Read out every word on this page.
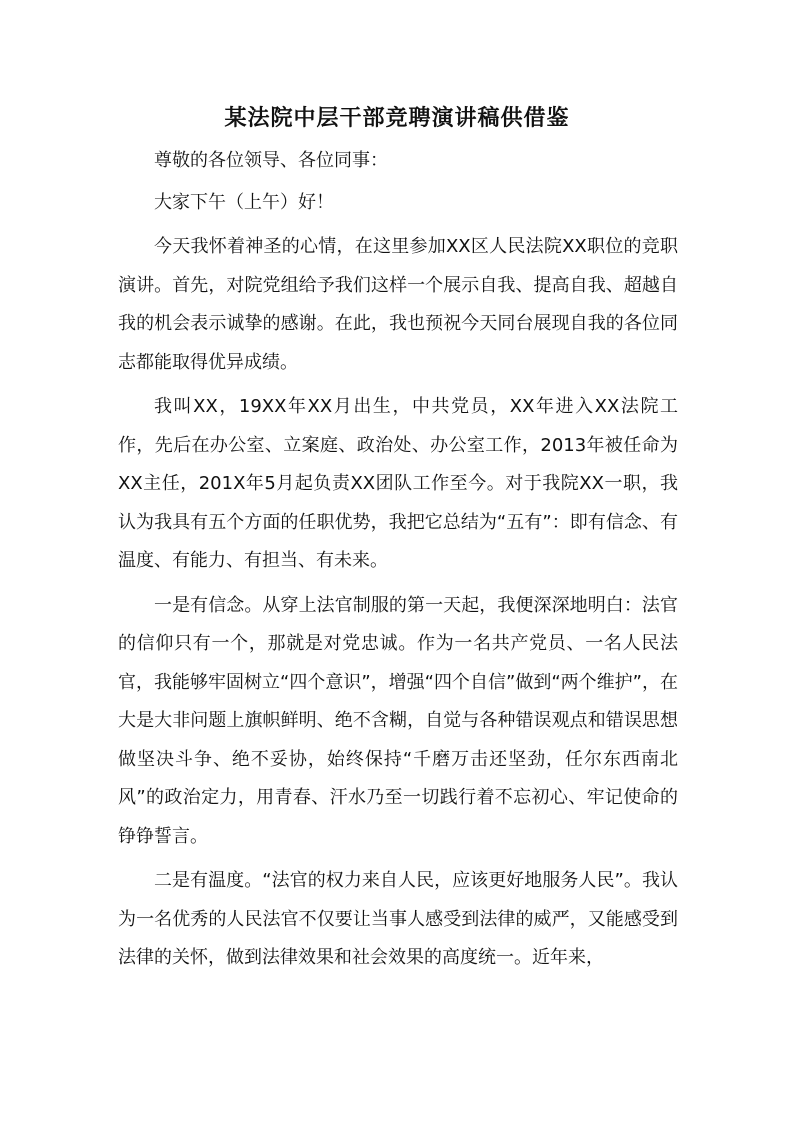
某法院中层干部竞聘演讲稿供借鉴

尊敬的各位领导、各位同事：

大家下午（上午）好！

今天我怀着神圣的心情，在这里参加XX区人民法院XX职位的竞职演讲。首先，对院党组给予我们这样一个展示自我、提高自我、超越自我的机会表示诚挚的感谢。在此，我也预祝今天同台展现自我的各位同志都能取得优异成绩。

我叫XX，19XX年XX月出生，中共党员，XX年进入XX法院工作，先后在办公室、立案庭、政治处、办公室工作，2013年被任命为XX主任，201X年5月起负责XX团队工作至今。对于我院XX一职，我认为我具有五个方面的任职优势，我把它总结为“五有”：即有信念、有温度、有能力、有担当、有未来。

一是有信念。从穿上法官制服的第一天起，我便深深地明白：法官的信仰只有一个，那就是对党忠诚。作为一名共产党员、一名人民法官，我能够牢固树立“四个意识”，增强“四个自信”做到“两个维护”，在大是大非问题上旗帜鲜明、绝不含糊，自觉与各种错误观点和错误思想做坚决斗争、绝不妥协，始终保持“千磨万击还坚劲，任尔东西南北风”的政治定力，用青春、汗水乃至一切践行着不忘初心、牢记使命的铮铮誓言。

二是有温度。“法官的权力来自人民，应该更好地服务人民”。我认为一名优秀的人民法官不仅要让当事人感受到法律的威严，又能感受到法律的关怀，做到法律效果和社会效果的高度统一。近年来，
